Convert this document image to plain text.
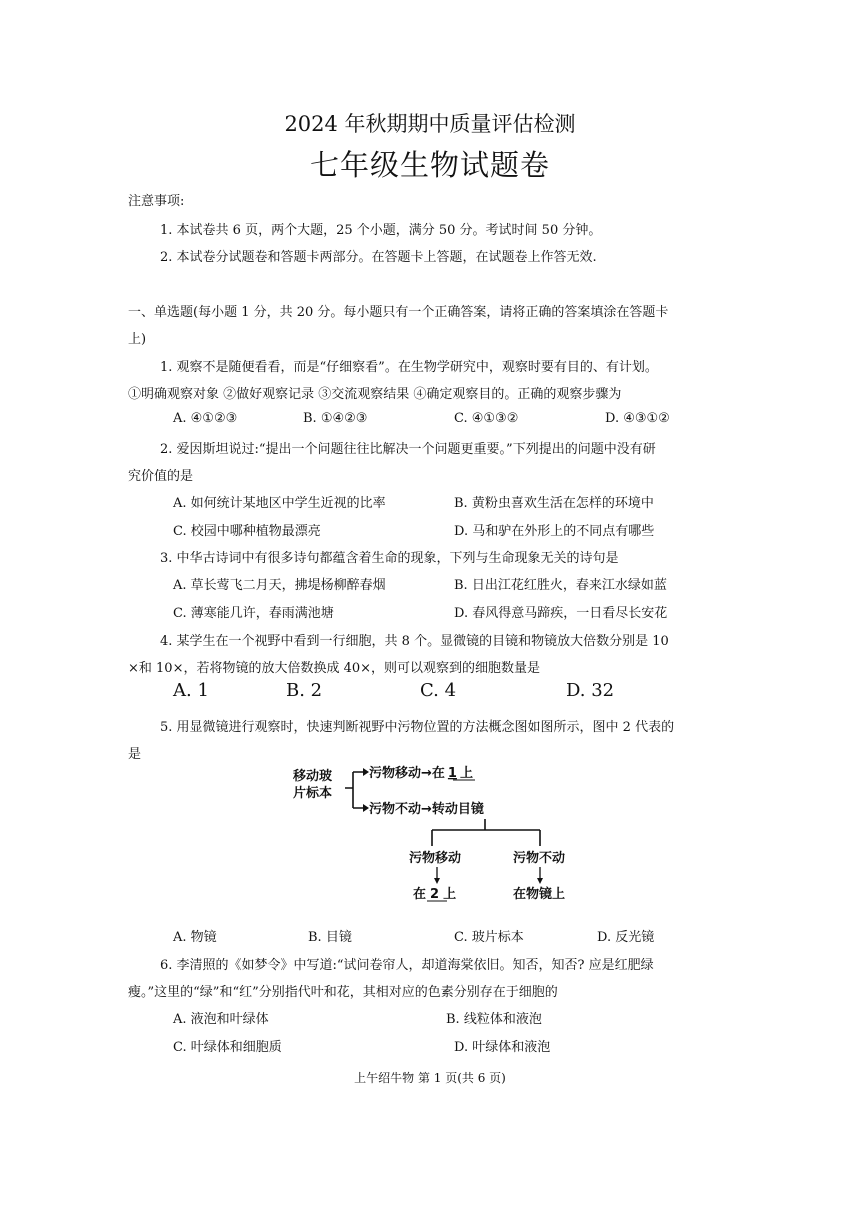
2024 年秋期期中质量评估检测
七年级生物试题卷
注意事项:
1. 本试卷共 6 页，两个大题，25 个小题，满分 50 分。考试时间 50 分钟。
2. 本试卷分试题卷和答题卡两部分。在答题卡上答题，在试题卷上作答无效.
一、单选题(每小题 1 分，共 20 分。每小题只有一个正确答案，请将正确的答案填涂在答题卡
上)
1. 观察不是随便看看，而是“仔细察看”。在生物学研究中，观察时要有目的、有计划。
①明确观察对象 ②做好观察记录 ③交流观察结果 ④确定观察目的。正确的观察步骤为
A. ④①②③	B. ①④②③	C. ④①③②	D. ④③①②
2. 爱因斯坦说过:“提出一个问题往往比解决一个问题更重要。”下列提出的问题中没有研
究价值的是
A. 如何统计某地区中学生近视的比率	B. 黄粉虫喜欢生活在怎样的环境中
C. 校园中哪种植物最漂亮	D. 马和驴在外形上的不同点有哪些
3. 中华古诗词中有很多诗句都蕴含着生命的现象，下列与生命现象无关的诗句是
A. 草长莺飞二月天，拂堤杨柳醉春烟	B. 日出江花红胜火，春来江水绿如蓝
C. 薄寒能几许，春雨满池塘	D. 春风得意马蹄疾，一日看尽长安花
4. 某学生在一个视野中看到一行细胞，共 8 个。显微镜的目镜和物镜放大倍数分别是 10
×和 10×，若将物镜的放大倍数换成 40×，则可以观察到的细胞数量是
A. 1	B. 2	C. 4	D. 32
5. 用显微镜进行观察时，快速判断视野中污物位置的方法概念图如图所示，图中 2 代表的
是
移动玻
片标本
污物移动→在 1 上
污物不动→转动目镜
污物移动	污物不动
在 2 上	在物镜上
A. 物镜	B. 目镜	C. 玻片标本	D. 反光镜
6. 李清照的《如梦令》中写道:“试问卷帘人，却道海棠依旧。知否，知否? 应是红肥绿
瘦。”这里的“绿”和“红”分别指代叶和花，其相对应的色素分别存在于细胞的
A. 液泡和叶绿体	B. 线粒体和液泡
C. 叶绿体和细胞质	D. 叶绿体和液泡
上午绍牛物 第 1 页(共 6 页)
